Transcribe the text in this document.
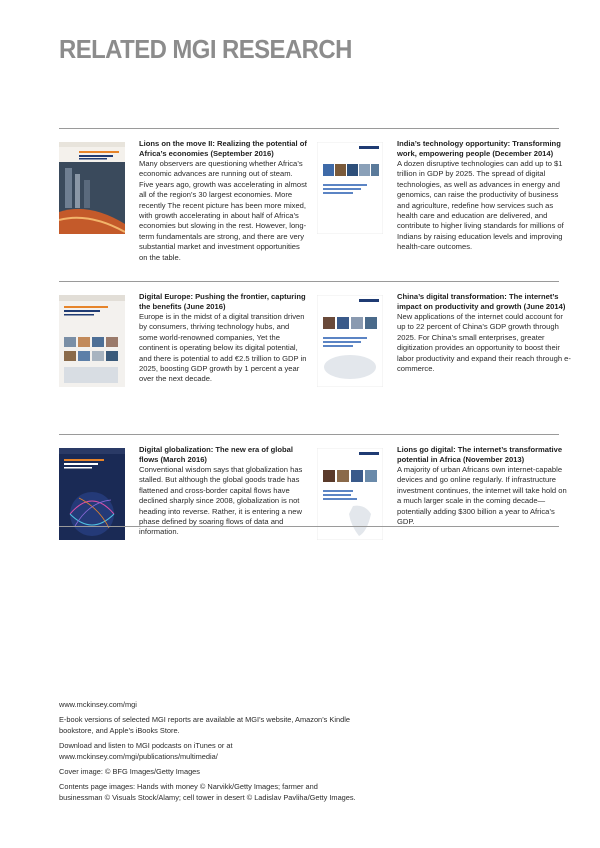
RELATED MGI RESEARCH

Lions on the move II: Realizing the potential of Africa’s economies (September 2016)

Many observers are questioning whether Africa’s economic advances are running out of steam. Five years ago, growth was accelerating in almost all of the region’s 30 largest economies. More recently The recent picture has been more mixed, with growth accelerating in about half of Africa’s economies but slowing in the rest. However, long-term fundamentals are strong, and there are very substantial market and investment opportunities on the table.

India’s technology opportunity: Transforming work, empowering people (December 2014)

A dozen disruptive technologies can add up to $1 trillion in GDP by 2025. The spread of digital technologies, as well as advances in energy and genomics, can raise the productivity of business and agriculture, redefine how services such as health care and education are delivered, and contribute to higher living standards for millions of Indians by raising education levels and improving health-care outcomes.

Digital Europe: Pushing the frontier, capturing the benefits (June 2016)

Europe is in the midst of a digital transition driven by consumers, thriving technology hubs, and some world-renowned companies, Yet the continent is operating below its digital potential, and there is potential to add €2.5 trillion to GDP in 2025, boosting GDP growth by 1 percent a year over the next decade.

China’s digital transformation: The internet’s impact on productivity and growth (June 2014)

New applications of the internet could account for up to 22 percent of China’s GDP growth through 2025. For China’s small enterprises, greater digitization provides an opportunity to boost their labor productivity and expand their reach through e-commerce.

Digital globalization: The new era of global flows (March 2016)

Conventional wisdom says that globalization has stalled. But although the global goods trade has flattened and cross-border capital flows have declined sharply since 2008, globalization is not heading into reverse. Rather, it is entering a new phase defined by soaring flows of data and information.

Lions go digital: The internet’s transformative potential in Africa (November 2013)

A majority of urban Africans own internet-capable devices and go online regularly. If infrastructure investment continues, the internet will take hold on a much larger scale in the coming decade—potentially adding $300 billion a year to Africa’s GDP.

www.mckinsey.com/mgi

E-book versions of selected MGI reports are available at MGI’s website, Amazon’s Kindle bookstore, and Apple’s iBooks Store.

Download and listen to MGI podcasts on iTunes or at www.mckinsey.com/mgi/publications/multimedia/

Cover image: © BFG Images/Getty Images

Contents page images: Hands with money © Narvikk/Getty Images; farmer and businessman © Visuals Stock/Alamy; cell tower in desert © Ladislav Pavliha/Getty Images.
